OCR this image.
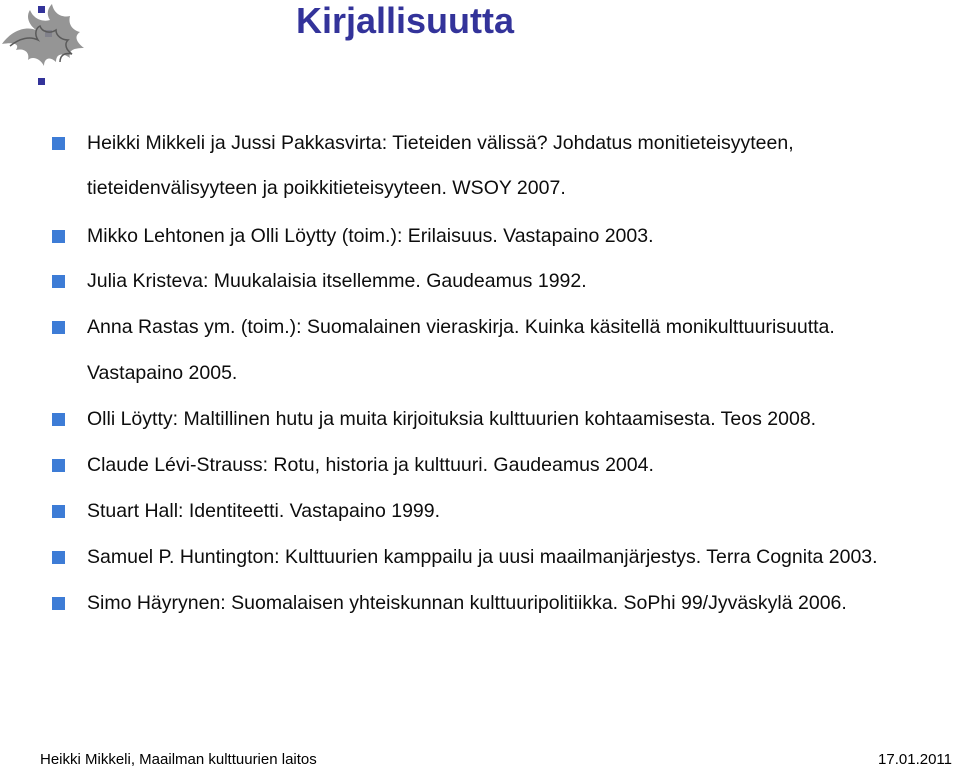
Kirjallisuutta
Heikki Mikkeli ja Jussi Pakkasvirta: Tieteiden välissä? Johdatus monitieteisyyteen,
tieteidenvälisyyteen ja poikkitieteisyyteen. WSOY 2007.
Mikko Lehtonen ja Olli Löytty (toim.): Erilaisuus. Vastapaino 2003.
Julia Kristeva: Muukalaisia itsellemme. Gaudeamus 1992.
Anna Rastas ym. (toim.): Suomalainen vieraskirja. Kuinka käsitellä monikulttuurisuutta.
Vastapaino 2005.
Olli Löytty: Maltillinen hutu ja muita kirjoituksia kulttuurien kohtaamisesta. Teos 2008.
Claude Lévi-Strauss: Rotu, historia ja kulttuuri. Gaudeamus 2004.
Stuart Hall: Identiteetti. Vastapaino 1999.
Samuel P. Huntington: Kulttuurien kamppailu ja uusi maailmanjärjestys. Terra Cognita 2003.
Simo Häyrynen: Suomalaisen yhteiskunnan kulttuuripolitiikka. SoPhi 99/Jyväskylä 2006.
Heikki Mikkeli, Maailman kulttuurien laitos	17.01.2011
